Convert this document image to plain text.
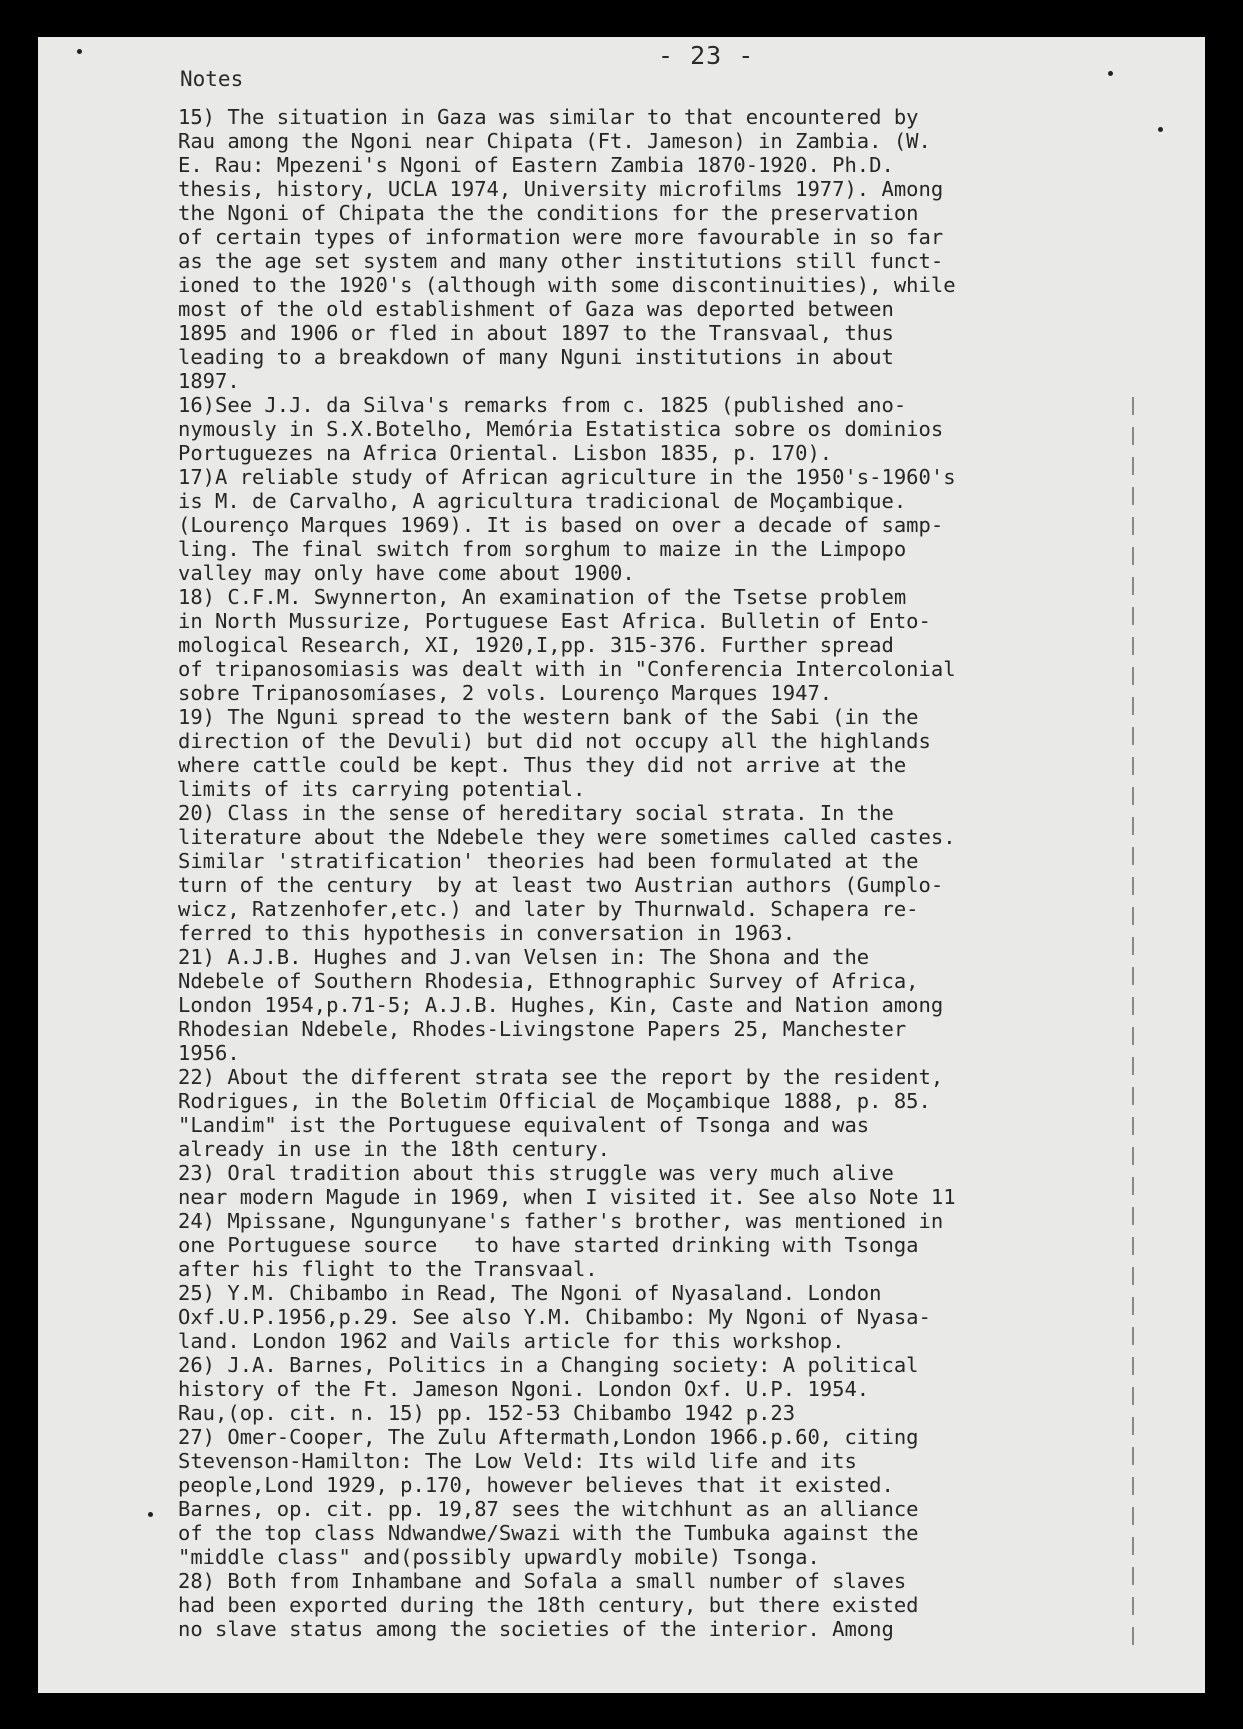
- 23 -
Notes
15) The situation in Gaza was similar to that encountered by
Rau among the Ngoni near Chipata (Ft. Jameson) in Zambia. (W.
E. Rau: Mpezeni's Ngoni of Eastern Zambia 1870-1920. Ph.D.
thesis, history, UCLA 1974, University microfilms 1977). Among
the Ngoni of Chipata the the conditions for the preservation
of certain types of information were more favourable in so far
as the age set system and many other institutions still funct-
ioned to the 1920's (although with some discontinuities), while
most of the old establishment of Gaza was deported between
1895 and 1906 or fled in about 1897 to the Transvaal, thus
leading to a breakdown of many Nguni institutions in about
1897.
16)See J.J. da Silva's remarks from c. 1825 (published ano-
nymously in S.X.Botelho, Memória Estatistica sobre os dominios
Portuguezes na Africa Oriental. Lisbon 1835, p. 170).
17)A reliable study of African agriculture in the 1950's-1960's
is M. de Carvalho, A agricultura tradicional de Moçambique.
(Lourenço Marques 1969). It is based on over a decade of samp-
ling. The final switch from sorghum to maize in the Limpopo
valley may only have come about 1900.
18) C.F.M. Swynnerton, An examination of the Tsetse problem
in North Mussurize, Portuguese East Africa. Bulletin of Ento-
mological Research, XI, 1920,I,pp. 315-376. Further spread
of tripanosomiasis was dealt with in "Conferencia Intercolonial
sobre Tripanosomíases, 2 vols. Lourenço Marques 1947.
19) The Nguni spread to the western bank of the Sabi (in the
direction of the Devuli) but did not occupy all the highlands
where cattle could be kept. Thus they did not arrive at the
limits of its carrying potential.
20) Class in the sense of hereditary social strata. In the
literature about the Ndebele they were sometimes called castes.
Similar 'stratification' theories had been formulated at the
turn of the century  by at least two Austrian authors (Gumplo-
wicz, Ratzenhofer,etc.) and later by Thurnwald. Schapera re-
ferred to this hypothesis in conversation in 1963.
21) A.J.B. Hughes and J.van Velsen in: The Shona and the
Ndebele of Southern Rhodesia, Ethnographic Survey of Africa,
London 1954,p.71-5; A.J.B. Hughes, Kin, Caste and Nation among
Rhodesian Ndebele, Rhodes-Livingstone Papers 25, Manchester
1956.
22) About the different strata see the report by the resident,
Rodrigues, in the Boletim Official de Moçambique 1888, p. 85.
"Landim" ist the Portuguese equivalent of Tsonga and was
already in use in the 18th century.
23) Oral tradition about this struggle was very much alive
near modern Magude in 1969, when I visited it. See also Note 11
24) Mpissane, Ngungunyane's father's brother, was mentioned in
one Portuguese source   to have started drinking with Tsonga
after his flight to the Transvaal.
25) Y.M. Chibambo in Read, The Ngoni of Nyasaland. London
Oxf.U.P.1956,p.29. See also Y.M. Chibambo: My Ngoni of Nyasa-
land. London 1962 and Vails article for this workshop.
26) J.A. Barnes, Politics in a Changing society: A political
history of the Ft. Jameson Ngoni. London Oxf. U.P. 1954.
Rau,(op. cit. n. 15) pp. 152-53 Chibambo 1942 p.23
27) Omer-Cooper, The Zulu Aftermath,London 1966.p.60, citing
Stevenson-Hamilton: The Low Veld: Its wild life and its
people,Lond 1929, p.170, however believes that it existed.
Barnes, op. cit. pp. 19,87 sees the witchhunt as an alliance
of the top class Ndwandwe/Swazi with the Tumbuka against the
"middle class" and(possibly upwardly mobile) Tsonga.
28) Both from Inhambane and Sofala a small number of slaves
had been exported during the 18th century, but there existed
no slave status among the societies of the interior. Among
